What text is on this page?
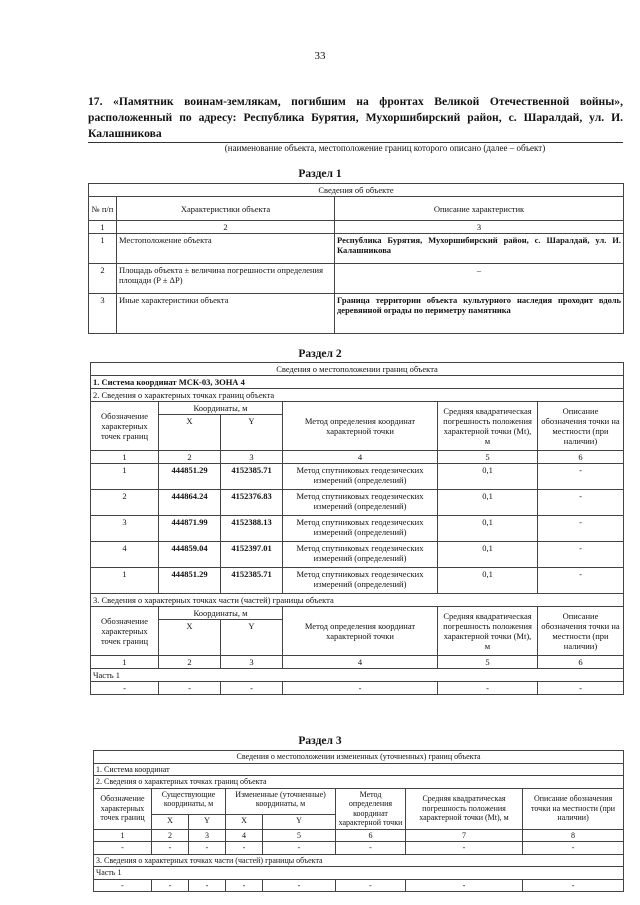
33
17. «Памятник воинам-землякам, погибшим на фронтах Великой Отечественной войны», расположенный по адресу: Республика Бурятия, Мухоршибирский район, с. Шаралдай, ул. И. Калашникова
(наименование объекта, местоположение границ которого описано (далее – объект)
Раздел 1
Сведения об объекте		
№ п/п	Характеристики объекта	Описание характеристик
1	2	3
1	Местоположение объекта	Республика Бурятия, Мухоршибирский район, с. Шаралдай, ул. И. Калашникова
2	Площадь объекта ± величина погрешности определения площади (P ± ΔP)	–
3	Иные характеристики объекта	Граница территории объекта культурного наследия проходит вдоль деревянной ограды по периметру памятника
Раздел 2
Сведения о местоположении границ объекта					
1. Система координат МСК-03, ЗОНА 4					
2. Сведения о характерных точках границ объекта					
Обозначение характерных точек границ	Координаты, м		Метод определения координат характерной точки	Средняя квадратическая погрешность положения характерной точки (Mt), м	Описание обозначения точки на местности (при наличии)
	X	Y			
1	2	3	4	5	6
1	444851.29	4152385.71	Метод спутниковых геодезических измерений (определений)	0,1	-
2	444864.24	4152376.83	Метод спутниковых геодезических измерений (определений)	0,1	-
3	444871.99	4152388.13	Метод спутниковых геодезических измерений (определений)	0,1	-
4	444859.04	4152397.01	Метод спутниковых геодезических измерений (определений)	0,1	-
1	444851.29	4152385.71	Метод спутниковых геодезических измерений (определений)	0,1	-
3. Сведения о характерных точках части (частей) границы объекта					
Обозначение характерных точек границ	Координаты, м		Метод определения координат характерной точки	Средняя квадратическая погрешность положения характерной точки (Mt), м	Описание обозначения точки на местности (при наличии)
	X	Y			
1	2	3	4	5	6
Часть 1					
-	-	-	-	-	-
Раздел 3
Сведения о местоположении измененных (уточненных) границ объекта							
1. Система координат							
2. Сведения о характерных точках границ объекта							
Обозначение характерных точек границ	Существующие координаты, м		Измененные (уточненные) координаты, м		Метод определения координат характерной точки	Средняя квадратическая погрешность положения характерной точки (Mt), м	Описание обозначения точки на местности (при наличии)
	X	Y	X	Y			
1	2	3	4	5	6	7	8
-	-	-	-	-	-	-	-
3. Сведения о характерных точках части (частей) границы объекта							
Часть 1							
-	-	-	-	-	-	-	-
